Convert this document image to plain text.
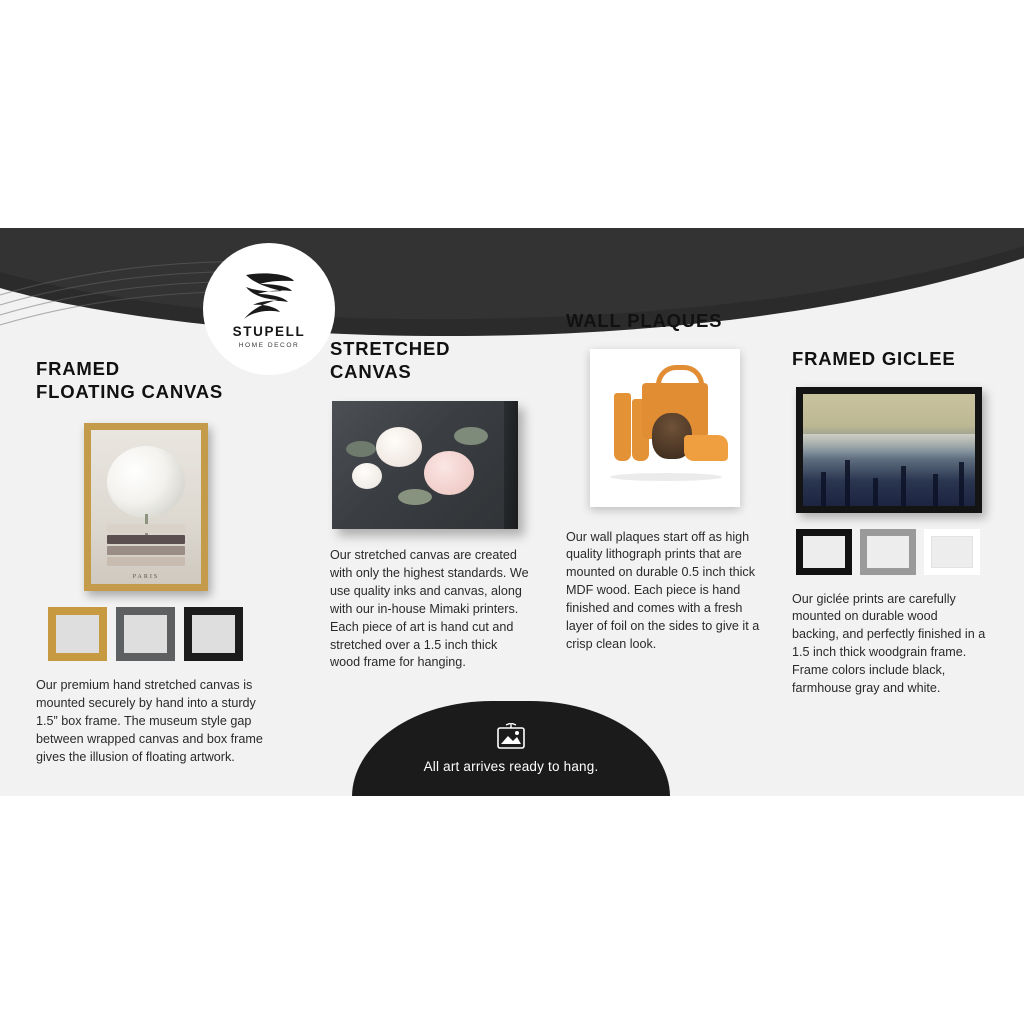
STUPELL
HOME DECOR
FRAMED
FLOATING CANVAS
PARIS
Our premium hand stretched canvas is mounted securely by hand into a sturdy 1.5” box frame. The museum style gap between wrapped canvas and box frame gives the illusion of floating artwork.
STRETCHED
CANVAS
Our stretched canvas are created with only the highest standards. We use quality inks and canvas, along with our in-house Mimaki printers. Each piece of art is hand cut and stretched over a 1.5 inch thick wood frame for hanging.
WALL PLAQUES
Our wall plaques start off as high quality lithograph prints that are mounted on durable 0.5 inch thick MDF wood. Each piece is hand finished and comes with a fresh layer of foil on the sides to give it a crisp clean look.
FRAMED GICLEE
Our giclée prints are carefully mounted on durable wood backing, and perfectly finished in a 1.5 inch thick woodgrain frame. Frame colors include black, farmhouse gray and white.
All art arrives ready to hang.
